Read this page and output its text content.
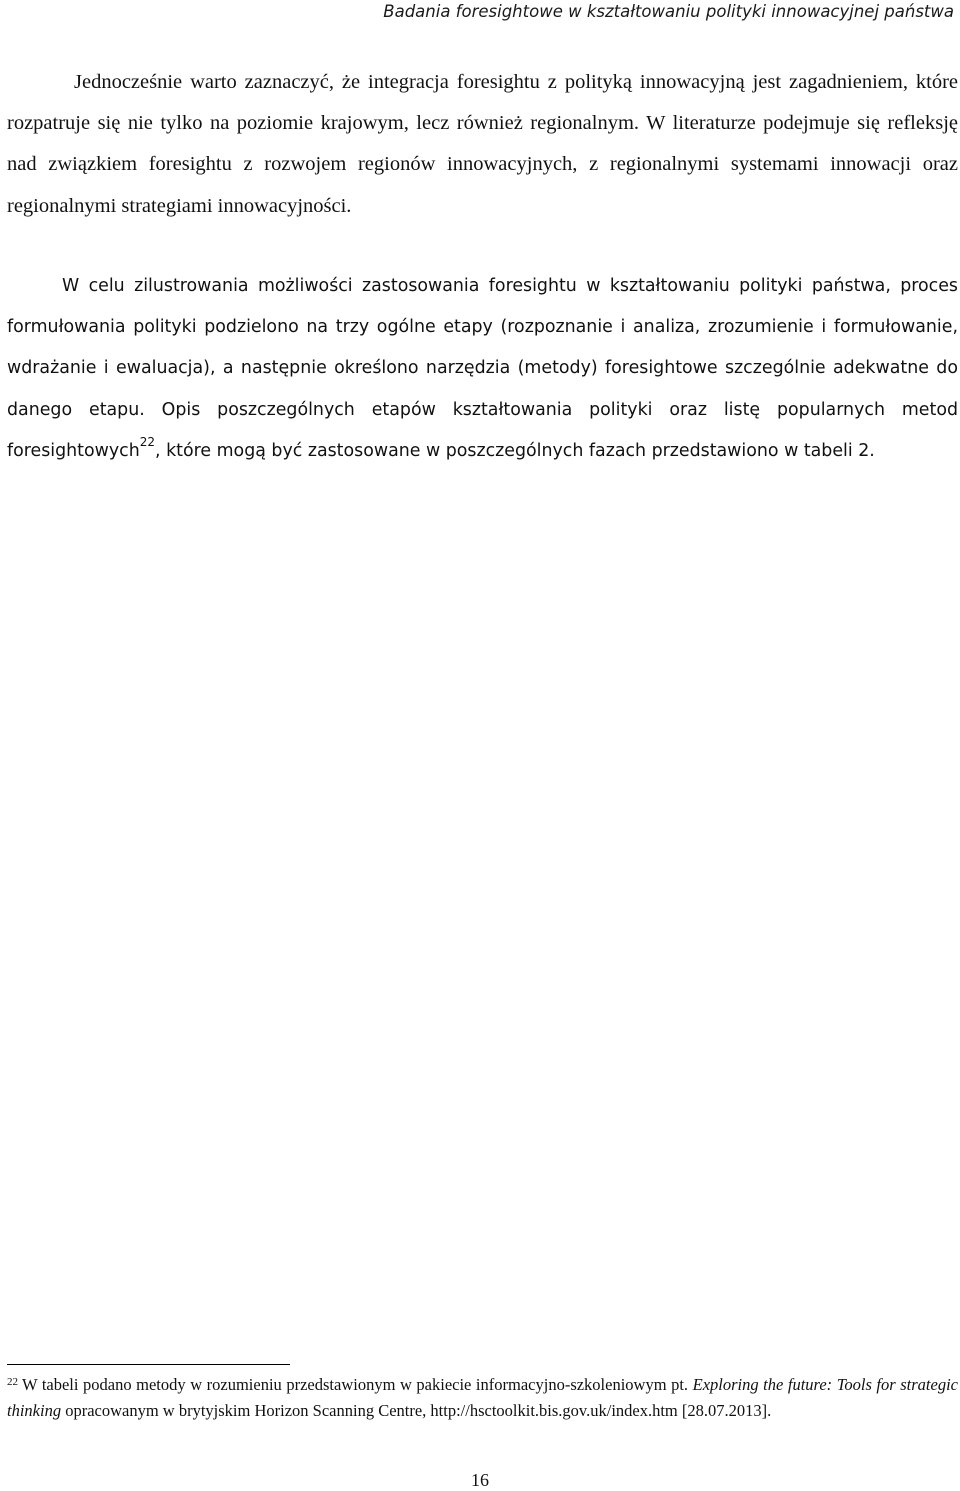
Badania foresightowe w kształtowaniu polityki innowacyjnej państwa

Jednocześnie warto zaznaczyć, że integracja foresightu z polityką innowacyjną jest zagadnieniem, które rozpatruje się nie tylko na poziomie krajowym, lecz również regionalnym. W literaturze podejmuje się refleksję nad związkiem foresightu z rozwojem regionów innowacyjnych, z regionalnymi systemami innowacji oraz regionalnymi strategiami innowacyjności.

W celu zilustrowania możliwości zastosowania foresightu w kształtowaniu polityki państwa, proces formułowania polityki podzielono na trzy ogólne etapy (rozpoznanie i analiza, zrozumienie i formułowanie, wdrażanie i ewaluacja), a następnie określono narzędzia (metody) foresightowe szczególnie adekwatne do danego etapu. Opis poszczególnych etapów kształtowania polityki oraz listę popularnych metod foresightowych$^{22}$, które mogą być zastosowane w poszczególnych fazach przedstawiono w tabeli 2.

$^{22}$ W tabeli podano metody w rozumieniu przedstawionym w pakiecie informacyjno-szkoleniowym pt. Exploring the future: Tools for strategic thinking opracowanym w brytyjskim Horizon Scanning Centre, http://hsctoolkit.bis.gov.uk/index.htm [28.07.2013].

16
